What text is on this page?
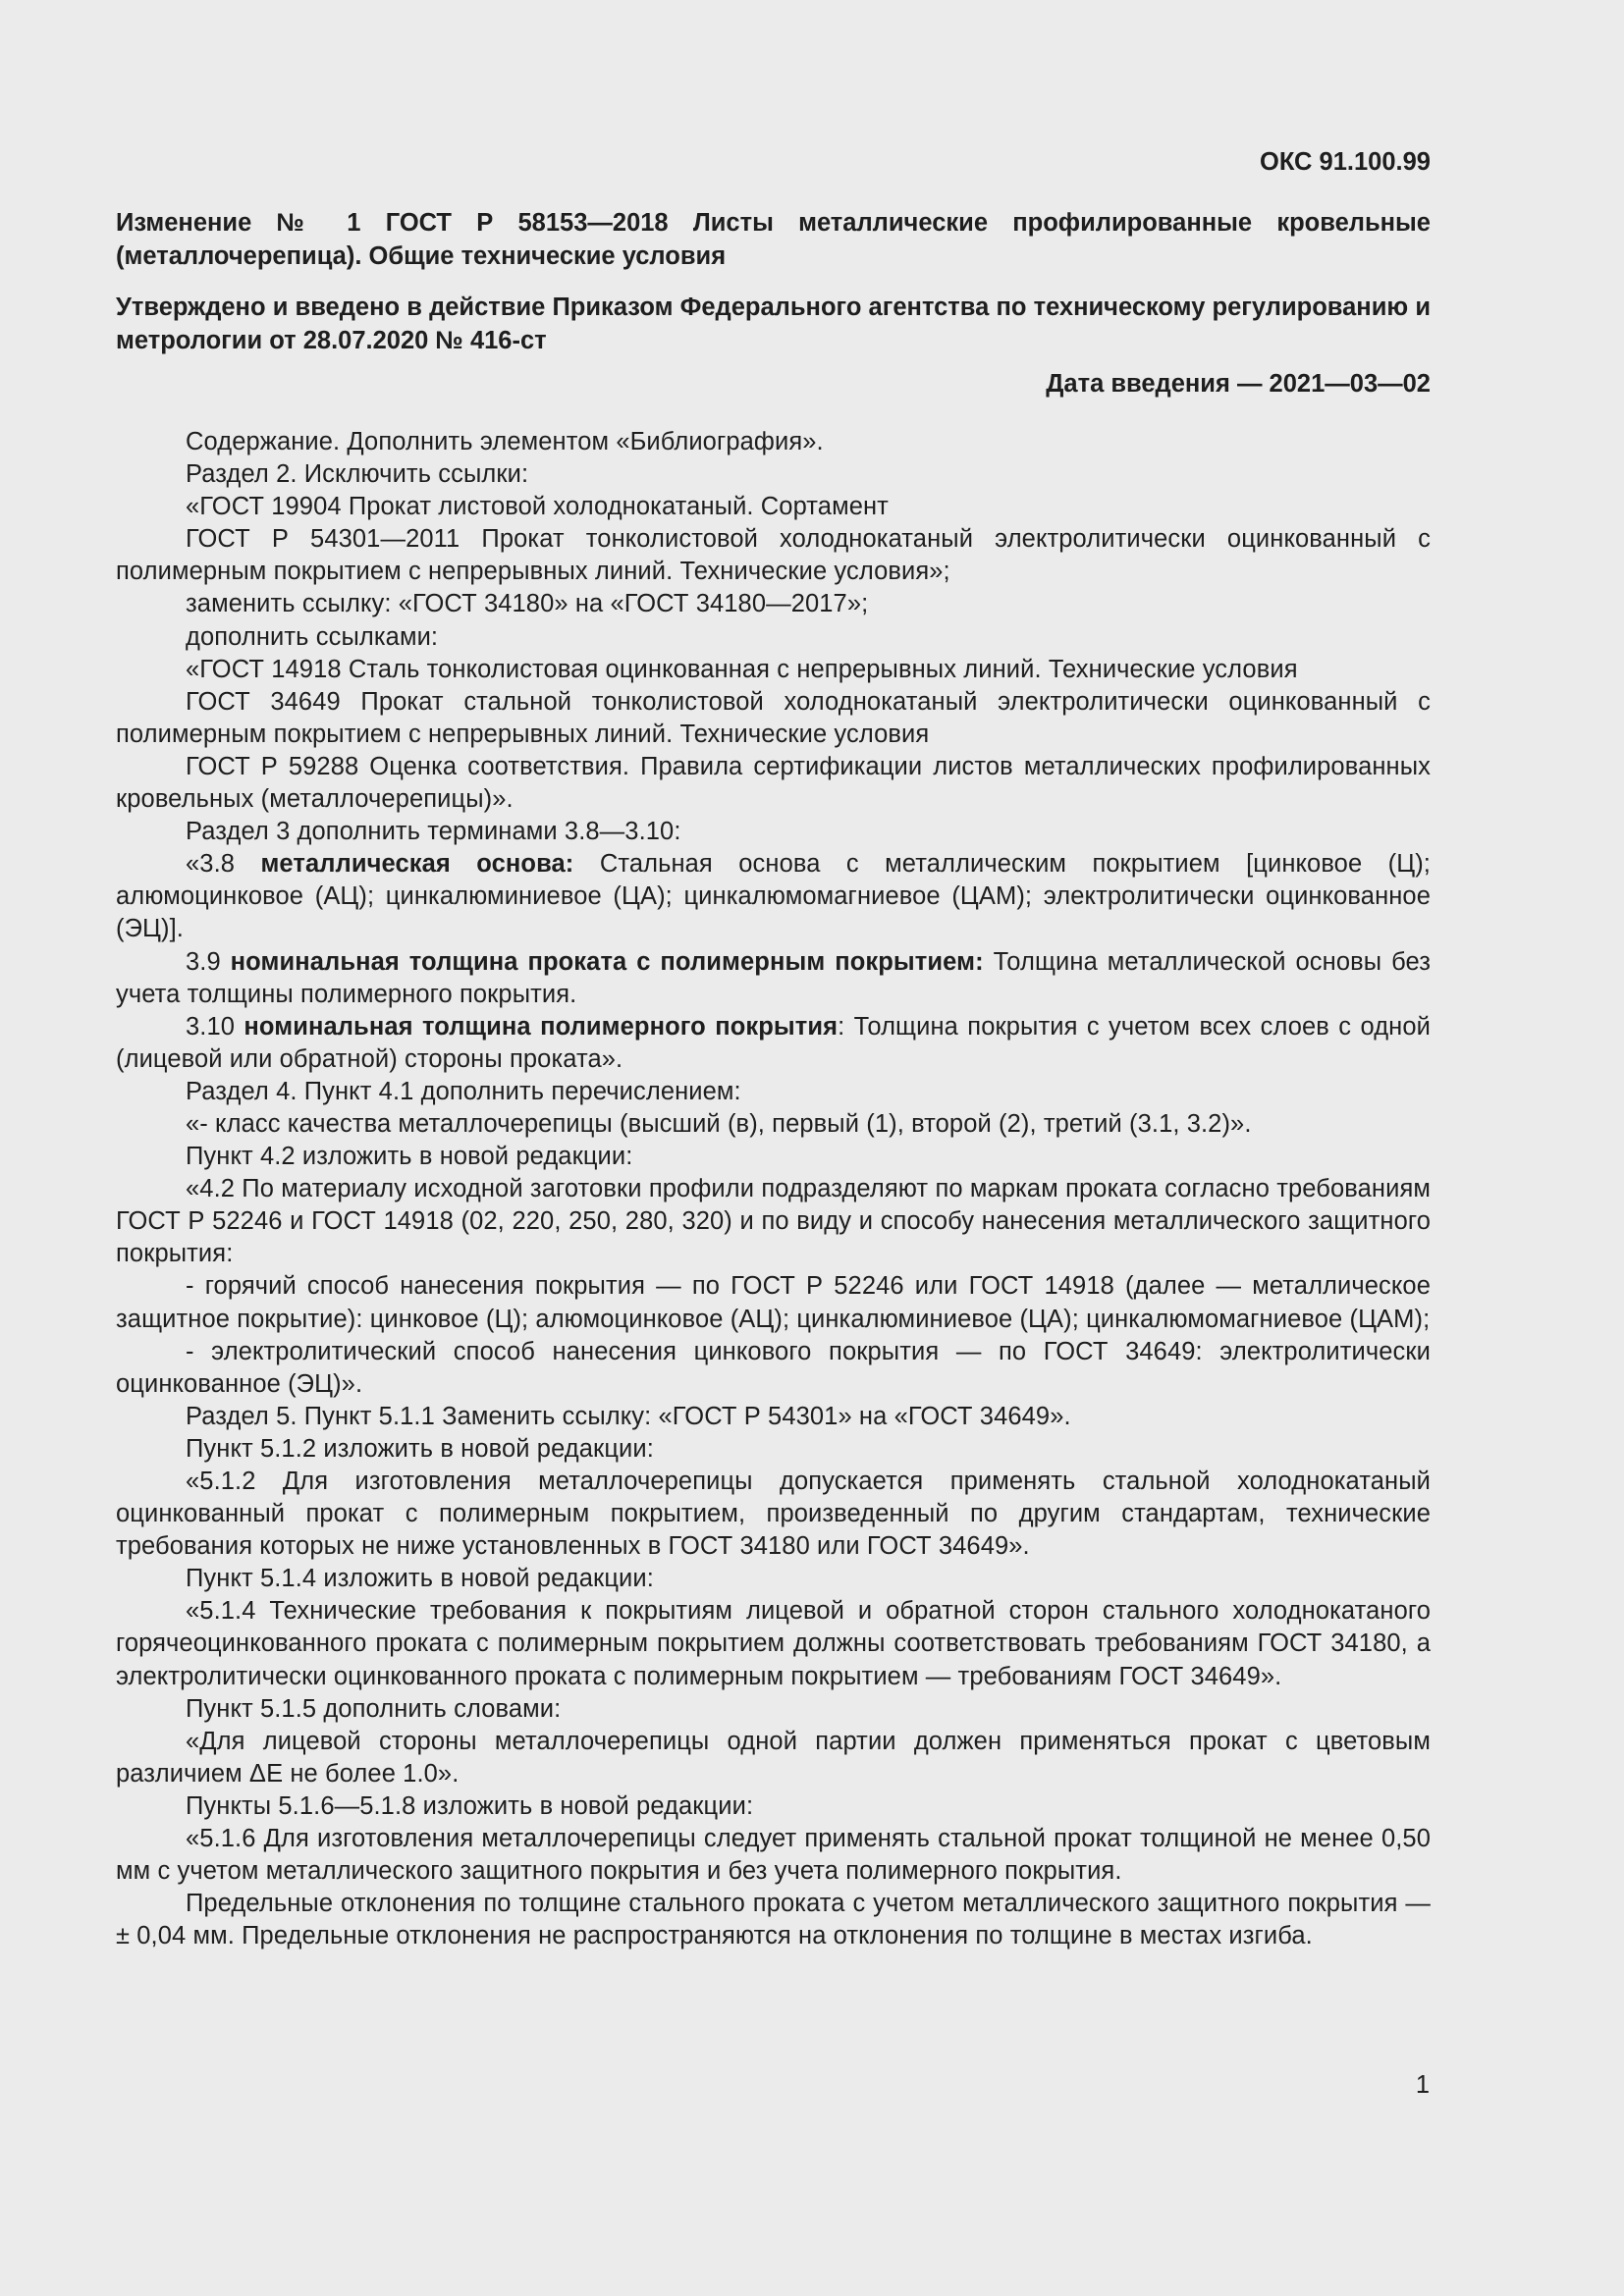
ОКС 91.100.99
Изменение № 1 ГОСТ Р 58153—2018 Листы металлические профилированные кровельные (металлочерепица). Общие технические условия
Утверждено и введено в действие Приказом Федерального агентства по техническому регулированию и метрологии от 28.07.2020 № 416-ст
Дата введения — 2021—03—02

Содержание. Дополнить элементом «Библиография».

Раздел 2. Исключить ссылки:

«ГОСТ 19904 Прокат листовой холоднокатаный. Сортамент

ГОСТ Р 54301—2011 Прокат тонколистовой холоднокатаный электролитически оцинкованный с полимерным покрытием с непрерывных линий. Технические условия»;

заменить ссылку: «ГОСТ 34180» на «ГОСТ 34180—2017»;

дополнить ссылками:

«ГОСТ 14918 Сталь тонколистовая оцинкованная с непрерывных линий. Технические условия

ГОСТ 34649 Прокат стальной тонколистовой холоднокатаный электролитически оцинкованный с полимерным покрытием с непрерывных линий. Технические условия

ГОСТ Р 59288 Оценка соответствия. Правила сертификации листов металлических профилированных кровельных (металлочерепицы)».

Раздел 3 дополнить терминами 3.8—3.10:

«3.8 металлическая основа: Стальная основа с металлическим покрытием [цинковое (Ц); алюмоцинковое (АЦ); цинкалюминиевое (ЦА); цинкалюмомагниевое (ЦАМ); электролитически оцинкованное (ЭЦ)].

3.9 номинальная толщина проката с полимерным покрытием: Толщина металлической основы без учета толщины полимерного покрытия.

3.10 номинальная толщина полимерного покрытия: Толщина покрытия с учетом всех слоев с одной (лицевой или обратной) стороны проката».

Раздел 4. Пункт 4.1 дополнить перечислением:

«- класс качества металлочерепицы (высший (в), первый (1), второй (2), третий (3.1, 3.2)».

Пункт 4.2 изложить в новой редакции:

«4.2 По материалу исходной заготовки профили подразделяют по маркам проката согласно требованиям ГОСТ Р 52246 и ГОСТ 14918 (02, 220, 250, 280, 320) и по виду и способу нанесения металлического защитного покрытия:

- горячий способ нанесения покрытия — по ГОСТ Р 52246 или ГОСТ 14918 (далее — металлическое защитное покрытие): цинковое (Ц); алюмоцинковое (АЦ); цинкалюминиевое (ЦА); цинкалюмомагниевое (ЦАМ);

- электролитический способ нанесения цинкового покрытия — по ГОСТ 34649: электролитически оцинкованное (ЭЦ)».

Раздел 5. Пункт 5.1.1 Заменить ссылку: «ГОСТ Р 54301» на «ГОСТ 34649».

Пункт 5.1.2 изложить в новой редакции:

«5.1.2 Для изготовления металлочерепицы допускается применять стальной холоднокатаный оцинкованный прокат с полимерным покрытием, произведенный по другим стандартам, технические требования которых не ниже установленных в ГОСТ 34180 или ГОСТ 34649».

Пункт 5.1.4 изложить в новой редакции:

«5.1.4 Технические требования к покрытиям лицевой и обратной сторон стального холоднокатаного горячеоцинкованного проката с полимерным покрытием должны соответствовать требованиям ГОСТ 34180, а электролитически оцинкованного проката с полимерным покрытием — требованиям ГОСТ 34649».

Пункт 5.1.5 дополнить словами:

«Для лицевой стороны металлочерепицы одной партии должен применяться прокат с цветовым различием ΔЕ не более 1.0».

Пункты 5.1.6—5.1.8 изложить в новой редакции:

«5.1.6 Для изготовления металлочерепицы следует применять стальной прокат толщиной не менее 0,50 мм с учетом металлического защитного покрытия и без учета полимерного покрытия.

Предельные отклонения по толщине стального проката с учетом металлического защитного покрытия — ± 0,04 мм. Предельные отклонения не распространяются на отклонения по толщине в местах изгиба.

1
